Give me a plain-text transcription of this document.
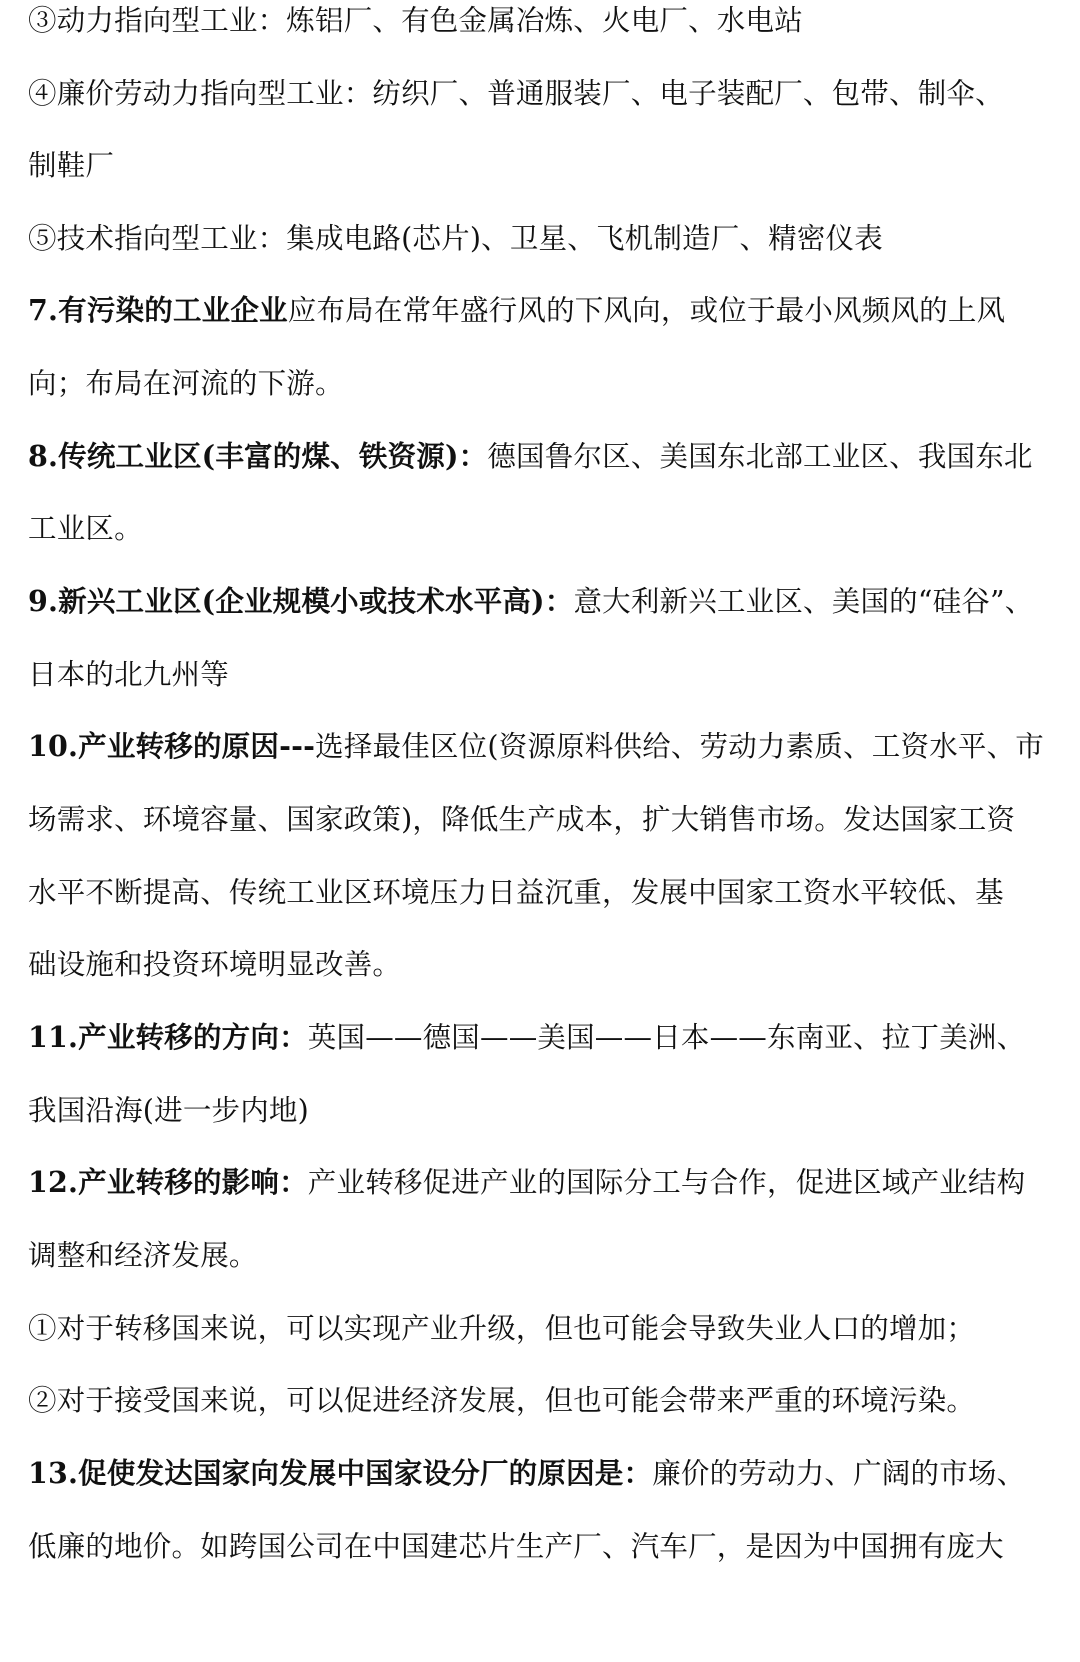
③动力指向型工业：炼铝厂、有色金属冶炼、火电厂、水电站
④廉价劳动力指向型工业：纺织厂、普通服装厂、电子装配厂、包带、制伞、
制鞋厂
⑤技术指向型工业：集成电路(芯片)、卫星、飞机制造厂、精密仪表
7.有污染的工业企业应布局在常年盛行风的下风向，或位于最小风频风的上风
向；布局在河流的下游。
8.传统工业区(丰富的煤、铁资源)：德国鲁尔区、美国东北部工业区、我国东北
工业区。
9.新兴工业区(企业规模小或技术水平高)：意大利新兴工业区、美国的“硅谷”、
日本的北九州等
10.产业转移的原因---选择最佳区位(资源原料供给、劳动力素质、工资水平、市
场需求、环境容量、国家政策)，降低生产成本，扩大销售市场。发达国家工资
水平不断提高、传统工业区环境压力日益沉重，发展中国家工资水平较低、基
础设施和投资环境明显改善。
11.产业转移的方向：英国——德国——美国——日本——东南亚、拉丁美洲、
我国沿海(进一步内地)
12.产业转移的影响：产业转移促进产业的国际分工与合作，促进区域产业结构
调整和经济发展。
①对于转移国来说，可以实现产业升级，但也可能会导致失业人口的增加；
②对于接受国来说，可以促进经济发展，但也可能会带来严重的环境污染。
13.促使发达国家向发展中国家设分厂的原因是：廉价的劳动力、广阔的市场、
低廉的地价。如跨国公司在中国建芯片生产厂、汽车厂，是因为中国拥有庞大
